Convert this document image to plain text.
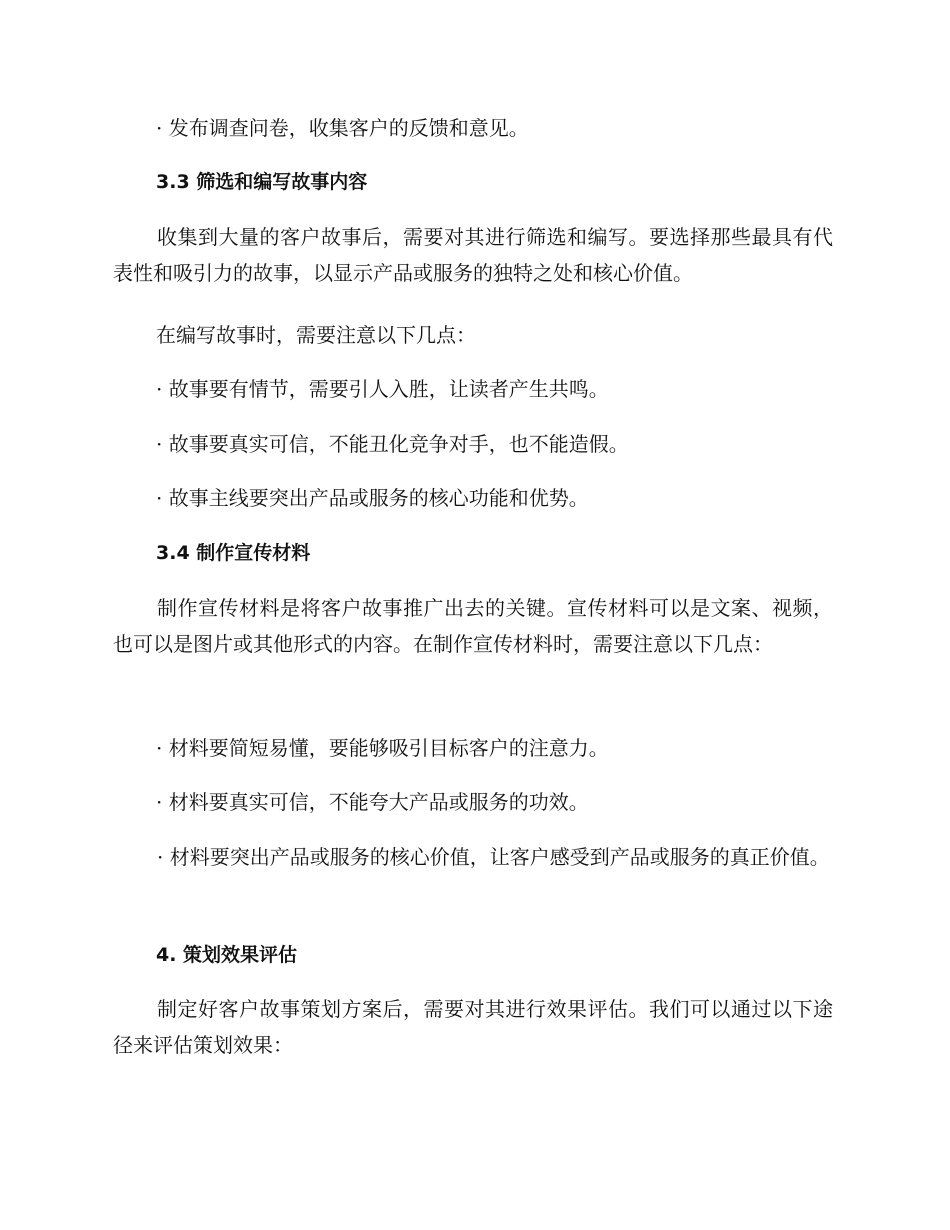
· 发布调查问卷，收集客户的反馈和意见。

3.3 筛选和编写故事内容

收集到大量的客户故事后，需要对其进行筛选和编写。要选择那些最具有代表性和吸引力的故事，以显示产品或服务的独特之处和核心价值。

在编写故事时，需要注意以下几点：

· 故事要有情节，需要引人入胜，让读者产生共鸣。

· 故事要真实可信，不能丑化竞争对手，也不能造假。

· 故事主线要突出产品或服务的核心功能和优势。

3.4 制作宣传材料

制作宣传材料是将客户故事推广出去的关键。宣传材料可以是文案、视频，也可以是图片或其他形式的内容。在制作宣传材料时，需要注意以下几点：

· 材料要简短易懂，要能够吸引目标客户的注意力。

· 材料要真实可信，不能夸大产品或服务的功效。

· 材料要突出产品或服务的核心价值，让客户感受到产品或服务的真正价值。

4. 策划效果评估

制定好客户故事策划方案后，需要对其进行效果评估。我们可以通过以下途径来评估策划效果：
